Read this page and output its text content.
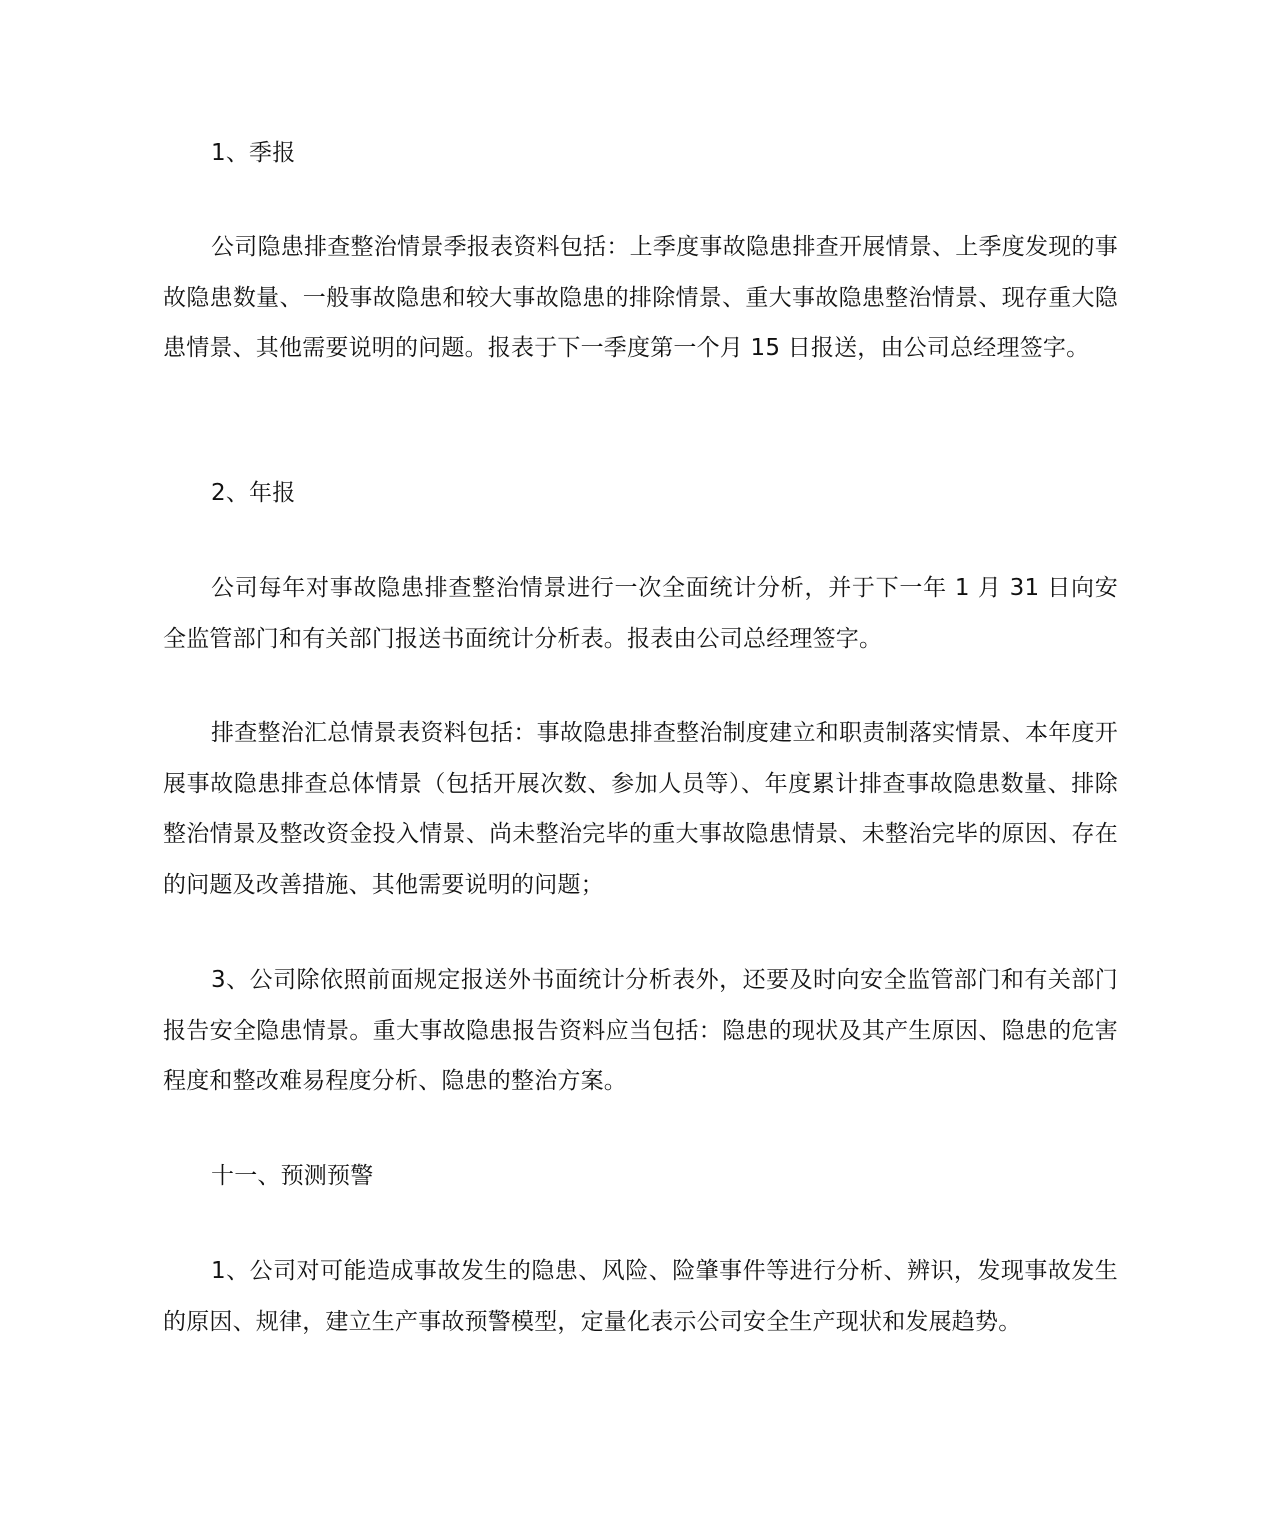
1、季报

公司隐患排查整治情景季报表资料包括：上季度事故隐患排查开展情景、上季度发现的事故隐患数量、一般事故隐患和较大事故隐患的排除情景、重大事故隐患整治情景、现存重大隐患情景、其他需要说明的问题。报表于下一季度第一个月 15 日报送，由公司总经理签字。

2、年报

公司每年对事故隐患排查整治情景进行一次全面统计分析，并于下一年 1 月 31 日向安全监管部门和有关部门报送书面统计分析表。报表由公司总经理签字。

排查整治汇总情景表资料包括：事故隐患排查整治制度建立和职责制落实情景、本年度开展事故隐患排查总体情景（包括开展次数、参加人员等）、年度累计排查事故隐患数量、排除整治情景及整改资金投入情景、尚未整治完毕的重大事故隐患情景、未整治完毕的原因、存在的问题及改善措施、其他需要说明的问题；

3、公司除依照前面规定报送外书面统计分析表外，还要及时向安全监管部门和有关部门报告安全隐患情景。重大事故隐患报告资料应当包括：隐患的现状及其产生原因、隐患的危害程度和整改难易程度分析、隐患的整治方案。

十一、预测预警

1、公司对可能造成事故发生的隐患、风险、险肇事件等进行分析、辨识，发现事故发生的原因、规律，建立生产事故预警模型，定量化表示公司安全生产现状和发展趋势。
